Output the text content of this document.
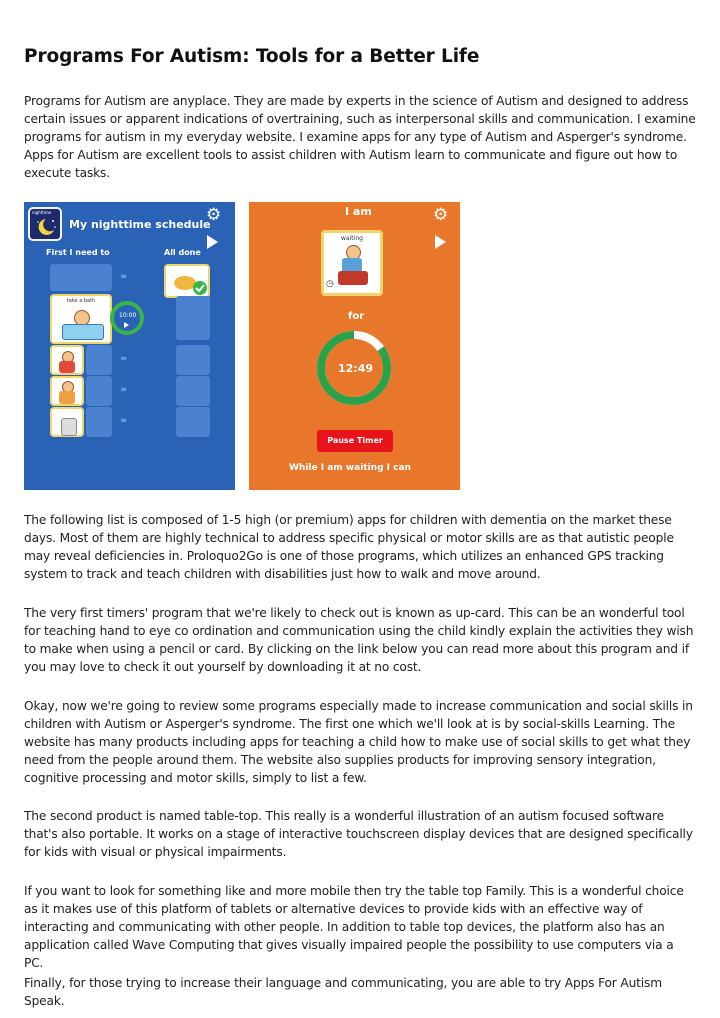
Programs For Autism: Tools for a Better Life

Programs for Autism are anyplace. They are made by experts in the science of Autism and designed to address certain issues or apparent indications of overtraining, such as interpersonal skills and communication. I examine programs for autism in my everyday website. I examine apps for any type of Autism and Asperger's syndrome. Apps for Autism are excellent tools to assist children with Autism learn to communicate and figure out how to execute tasks.

nighttime
My nighttime schedule
⚙
First I need to	All done
›››
take a bath
10:00
›››
›››
›››
I am	⚙
waiting
◷
for
12:49
Pause Timer
While I am waiting I can

The following list is composed of 1-5 high (or premium) apps for children with dementia on the market these days. Most of them are highly technical to address specific physical or motor skills are as that autistic people may reveal deficiencies in. Proloquo2Go is one of those programs, which utilizes an enhanced GPS tracking system to track and teach children with disabilities just how to walk and move around.

The very first timers' program that we're likely to check out is known as up-card. This can be an wonderful tool for teaching hand to eye co ordination and communication using the child kindly explain the activities they wish to make when using a pencil or card. By clicking on the link below you can read more about this program and if you may love to check it out yourself by downloading it at no cost.

Okay, now we're going to review some programs especially made to increase communication and social skills in children with Autism or Asperger's syndrome. The first one which we'll look at is by social-skills Learning. The website has many products including apps for teaching a child how to make use of social skills to get what they need from the people around them. The website also supplies products for improving sensory integration, cognitive processing and motor skills, simply to list a few.

The second product is named table-top. This really is a wonderful illustration of an autism focused software that's also portable. It works on a stage of interactive touchscreen display devices that are designed specifically for kids with visual or physical impairments.

If you want to look for something like and more mobile then try the table top Family. This is a wonderful choice as it makes use of this platform of tablets or alternative devices to provide kids with an effective way of interacting and communicating with other people. In addition to table top devices, the platform also has an application called Wave Computing that gives visually impaired people the possibility to use computers via a PC.

Finally, for those trying to increase their language and communicating, you are able to try Apps For Autism Speak.
